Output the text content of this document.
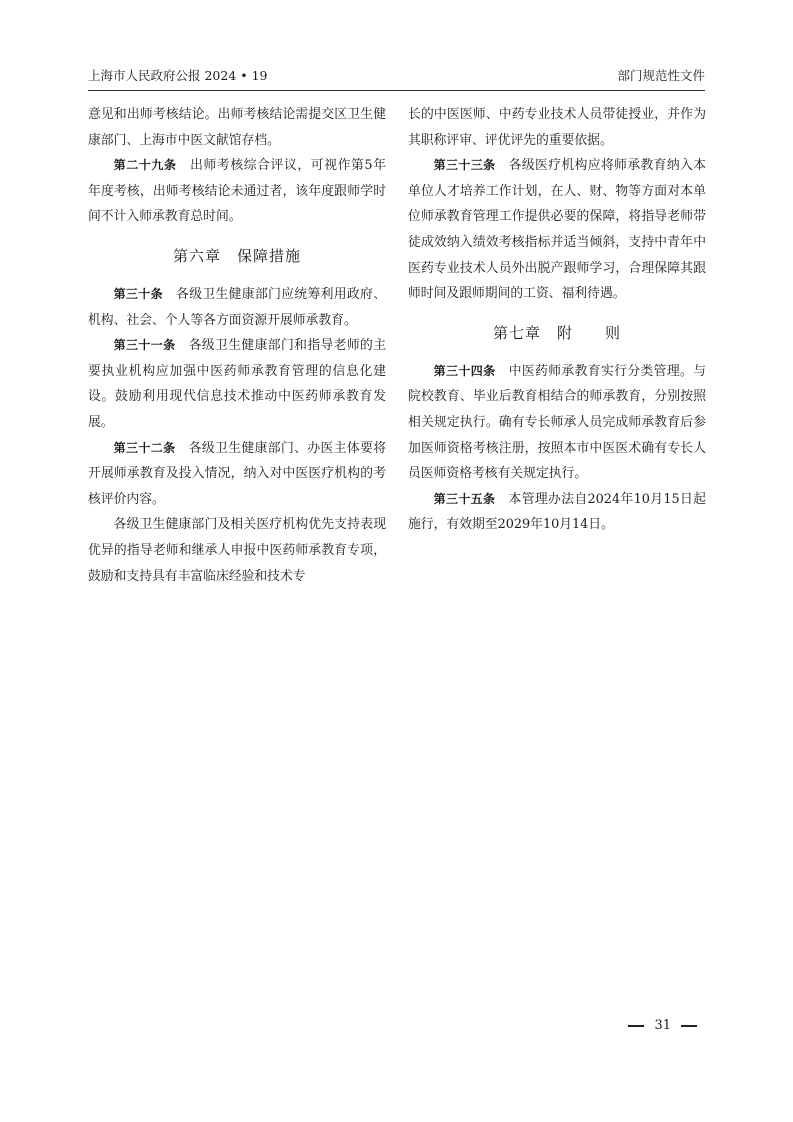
上海市人民政府公报 2024 • 19	部门规范性文件

意见和出师考核结论。出师考核结论需提交区卫生健康部门、上海市中医文献馆存档。

第二十九条　 出师考核综合评议，可视作第5年年度考核，出师考核结论未通过者，该年度跟师学时间不计入师承教育总时间。

第六章　保障措施

第三十条　 各级卫生健康部门应统筹利用政府、机构、社会、个人等各方面资源开展师承教育。

第三十一条　 各级卫生健康部门和指导老师的主要执业机构应加强中医药师承教育管理的信息化建设。鼓励利用现代信息技术推动中医药师承教育发展。

第三十二条　 各级卫生健康部门、办医主体要将开展师承教育及投入情况，纳入对中医医疗机构的考核评价内容。

各级卫生健康部门及相关医疗机构优先支持表现优异的指导老师和继承人申报中医药师承教育专项，鼓励和支持具有丰富临床经验和技术专

长的中医医师、中药专业技术人员带徒授业，并作为其职称评审、评优评先的重要依据。

第三十三条　 各级医疗机构应将师承教育纳入本单位人才培养工作计划，在人、财、物等方面对本单位师承教育管理工作提供必要的保障，将指导老师带徒成效纳入绩效考核指标并适当倾斜，支持中青年中医药专业技术人员外出脱产跟师学习，合理保障其跟师时间及跟师期间的工资、福利待遇。

第七章　附　　则

第三十四条　 中医药师承教育实行分类管理。与院校教育、毕业后教育相结合的师承教育，分别按照相关规定执行。确有专长师承人员完成师承教育后参加医师资格考核注册，按照本市中医医术确有专长人员医师资格考核有关规定执行。

第三十五条　 本管理办法自2024年10月15日起施行，有效期至2029年10月14日。

31
